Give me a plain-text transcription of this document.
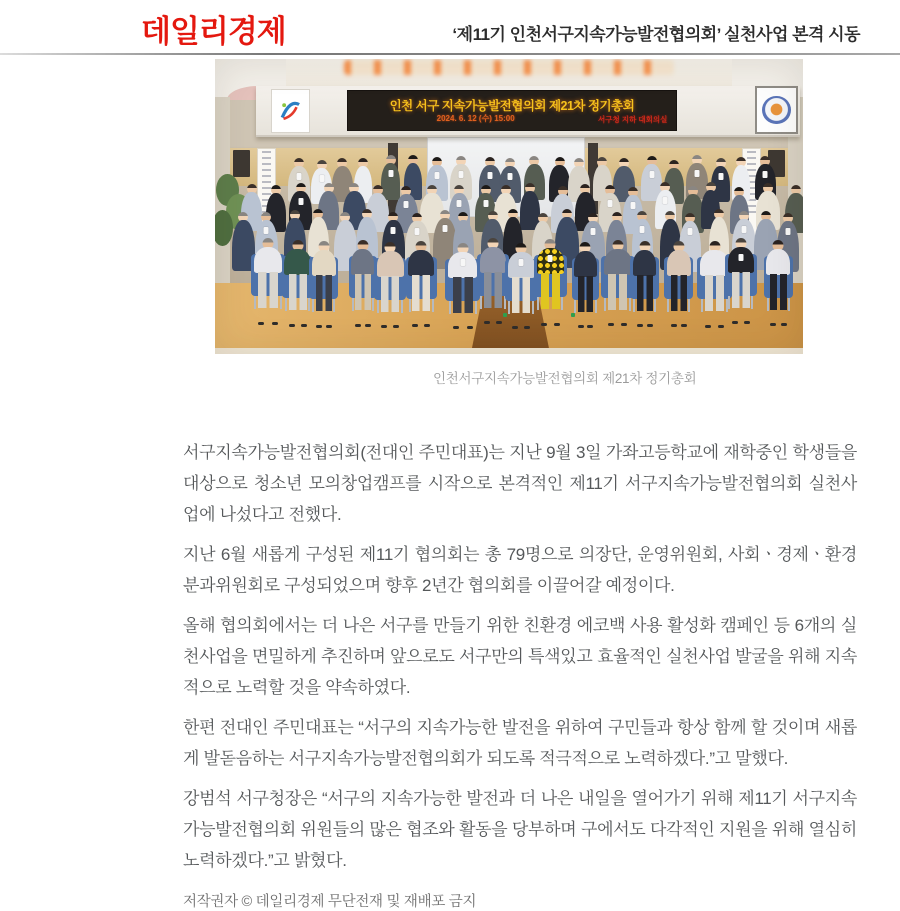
데일리경제	‘제11기 인천서구지속가능발전협의회’ 실천사업 본격 시동
인천 서구 지속가능발전협의회 제21차 정기총회
2024. 6. 12 (수) 15:00	서구청 지하 대회의실
인천서구지속가능발전협의회 제21차 정기총회

서구지속가능발전협의회(전대인 주민대표)는 지난 9월 3일 가좌고등학교에 재학중인 학생들을 대상으로 청소년 모의창업캠프를 시작으로 본격적인 제11기 서구지속가능발전협의회 실천사업에 나섰다고 전했다.

지난 6월 새롭게 구성된 제11기 협의회는 총 79명으로 의장단, 운영위원회, 사회ㆍ경제ㆍ환경 분과위원회로 구성되었으며 향후 2년간 협의회를 이끌어갈 예정이다.

올해 협의회에서는 더 나은 서구를 만들기 위한 친환경 에코백 사용 활성화 캠페인 등 6개의 실천사업을 면밀하게 추진하며 앞으로도 서구만의 특색있고 효율적인 실천사업 발굴을 위해 지속적으로 노력할 것을 약속하였다.

한편 전대인 주민대표는 “서구의 지속가능한 발전을 위하여 구민들과 항상 함께 할 것이며 새롭게 발돋음하는 서구지속가능발전협의회가 되도록 적극적으로 노력하겠다.”고 말했다.

강범석 서구청장은 “서구의 지속가능한 발전과 더 나은 내일을 열어가기 위해 제11기 서구지속가능발전협의회 위원들의 많은 협조와 활동을 당부하며 구에서도 다각적인 지원을 위해 열심히 노력하겠다.”고 밝혔다.

저작권자 © 데일리경제 무단전재 및 재배포 금지
